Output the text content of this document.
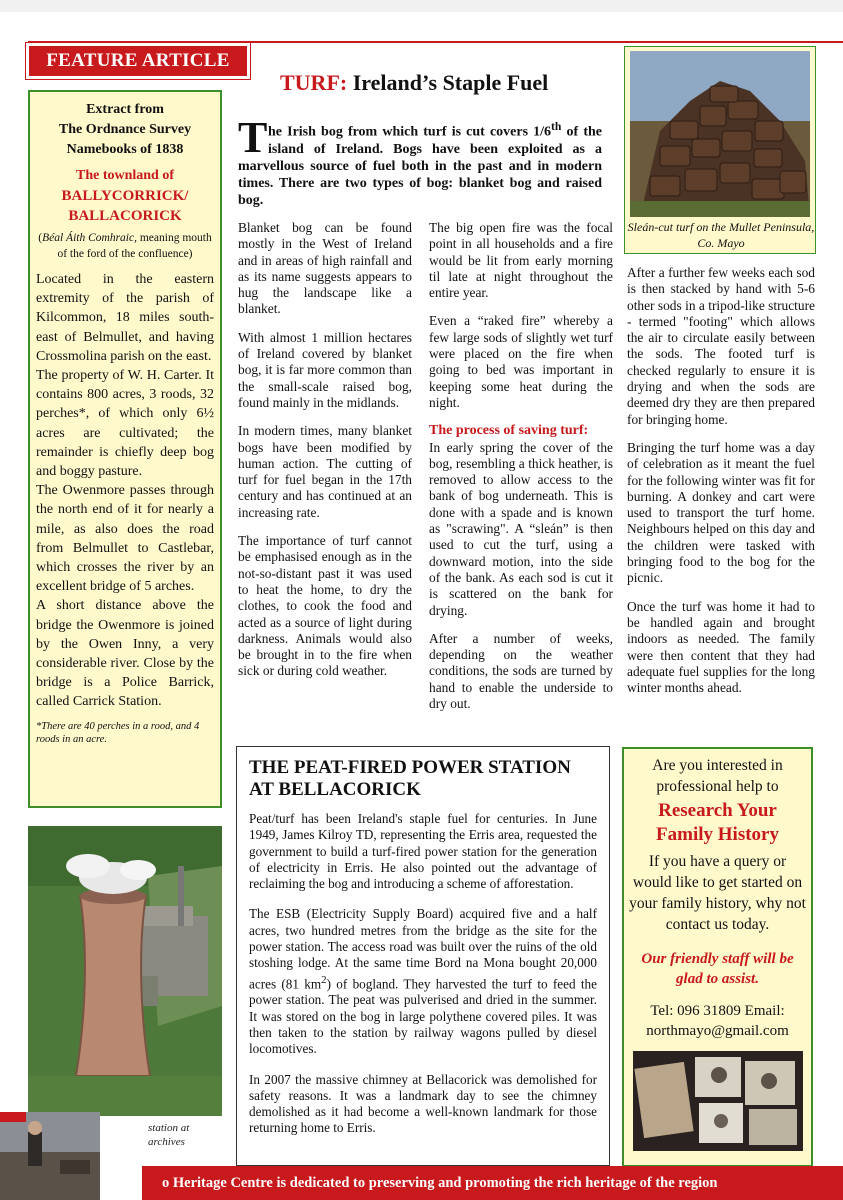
FEATURE ARTICLE
Extract from
The Ordnance Survey
Namebooks of 1838
The townland of
BALLYCORRICK/
BALLACORICK
(Béal Áith Comhraic, meaning mouth of the ford of the confluence)
Located in the eastern extremity of the parish of Kilcommon, 18 miles south-east of Belmullet, and having Crossmolina parish on the east.
The property of W. H. Carter. It contains 800 acres, 3 roods, 32 perches*, of which only 6½ acres are cultivated; the remainder is chiefly deep bog and boggy pasture.
The Owenmore passes through the north end of it for nearly a mile, as also does the road from Belmullet to Castlebar, which crosses the river by an excellent bridge of 5 arches.
A short distance above the bridge the Owenmore is joined by the Owen Inny, a very considerable river. Close by the bridge is a Police Barrick, called Carrick Station.
*There are 40 perches in a rood, and 4 roods in an acre.
TURF: Ireland’s Staple Fuel
The Irish bog from which turf is cut covers 1/6th of the island of Ireland. Bogs have been exploited as a marvellous source of fuel both in the past and in modern times. There are two types of bog: blanket bog and raised bog.

Blanket bog can be found mostly in the West of Ireland and in areas of high rainfall and as its name suggests appears to hug the landscape like a blanket.

With almost 1 million hectares of Ireland covered by blanket bog, it is far more common than the small-scale raised bog, found mainly in the midlands.

In modern times, many blanket bogs have been modified by human action. The cutting of turf for fuel began in the 17th century and has continued at an increasing rate.

The importance of turf cannot be emphasised enough as in the not-so-distant past it was used to heat the home, to dry the clothes, to cook the food and acted as a source of light during darkness. Animals would also be brought in to the fire when sick or during cold weather.

The big open fire was the focal point in all households and a fire would be lit from early morning til late at night throughout the entire year.

Even a “raked fire” whereby a few large sods of slightly wet turf were placed on the fire when going to bed was important in keeping some heat during the night.

The process of saving turf:

In early spring the cover of the bog, resembling a thick heather, is removed to allow access to the bank of bog underneath. This is done with a spade and is known as "scrawing". A “sleán” is then used to cut the turf, using a downward motion, into the side of the bank. As each sod is cut it is scattered on the bank for drying.

After a number of weeks, depending on the weather conditions, the sods are turned by hand to enable the underside to dry out.

Sleán-cut turf on the Mullet Peninsula, Co. Mayo

After a further few weeks each sod is then stacked by hand with 5-6 other sods in a tripod-like structure - termed "footing" which allows the air to circulate easily between the sods. The footed turf is checked regularly to ensure it is drying and when the sods are deemed dry they are then prepared for bringing home.

Bringing the turf home was a day of celebration as it meant the fuel for the following winter was fit for burning. A donkey and cart were used to transport the turf home. Neighbours helped on this day and the children were tasked with bringing food to the bog for the picnic.

Once the turf was home it had to be handled again and brought indoors as needed. The family were then content that they had adequate fuel supplies for the long winter months ahead.

THE PEAT-FIRED POWER STATION AT BELLACORICK
Peat/turf has been Ireland's staple fuel for centuries. In June 1949, James Kilroy TD, representing the Erris area, requested the government to build a turf-fired power station for the generation of electricity in Erris. He also pointed out the advantage of reclaiming the bog and introducing a scheme of afforestation.
The ESB (Electricity Supply Board) acquired five and a half acres, two hundred metres from the bridge as the site for the power station. The access road was built over the ruins of the old stoshing lodge. At the same time Bord na Mona bought 20,000 acres (81 $km^2$) of bogland. They harvested the turf to feed the power station. The peat was pulverised and dried in the summer. It was stored on the bog in large polythene covered piles. It was then taken to the station by railway wagons pulled by diesel locomotives.
In 2007 the massive chimney at Bellacorick was demolished for safety reasons. It was a landmark day to see the chimney demolished as it had become a well-known landmark for those returning home to Erris.
Are you interested in professional help to
Research Your Family History
If you have a query or would like to get started on your family history, why not contact us today.
Our friendly staff will be glad to assist.
Tel: 096 31809 Email: northmayo@gmail.com
station at
archives
o Heritage Centre is dedicated to preserving and promoting the rich heritage of the region
